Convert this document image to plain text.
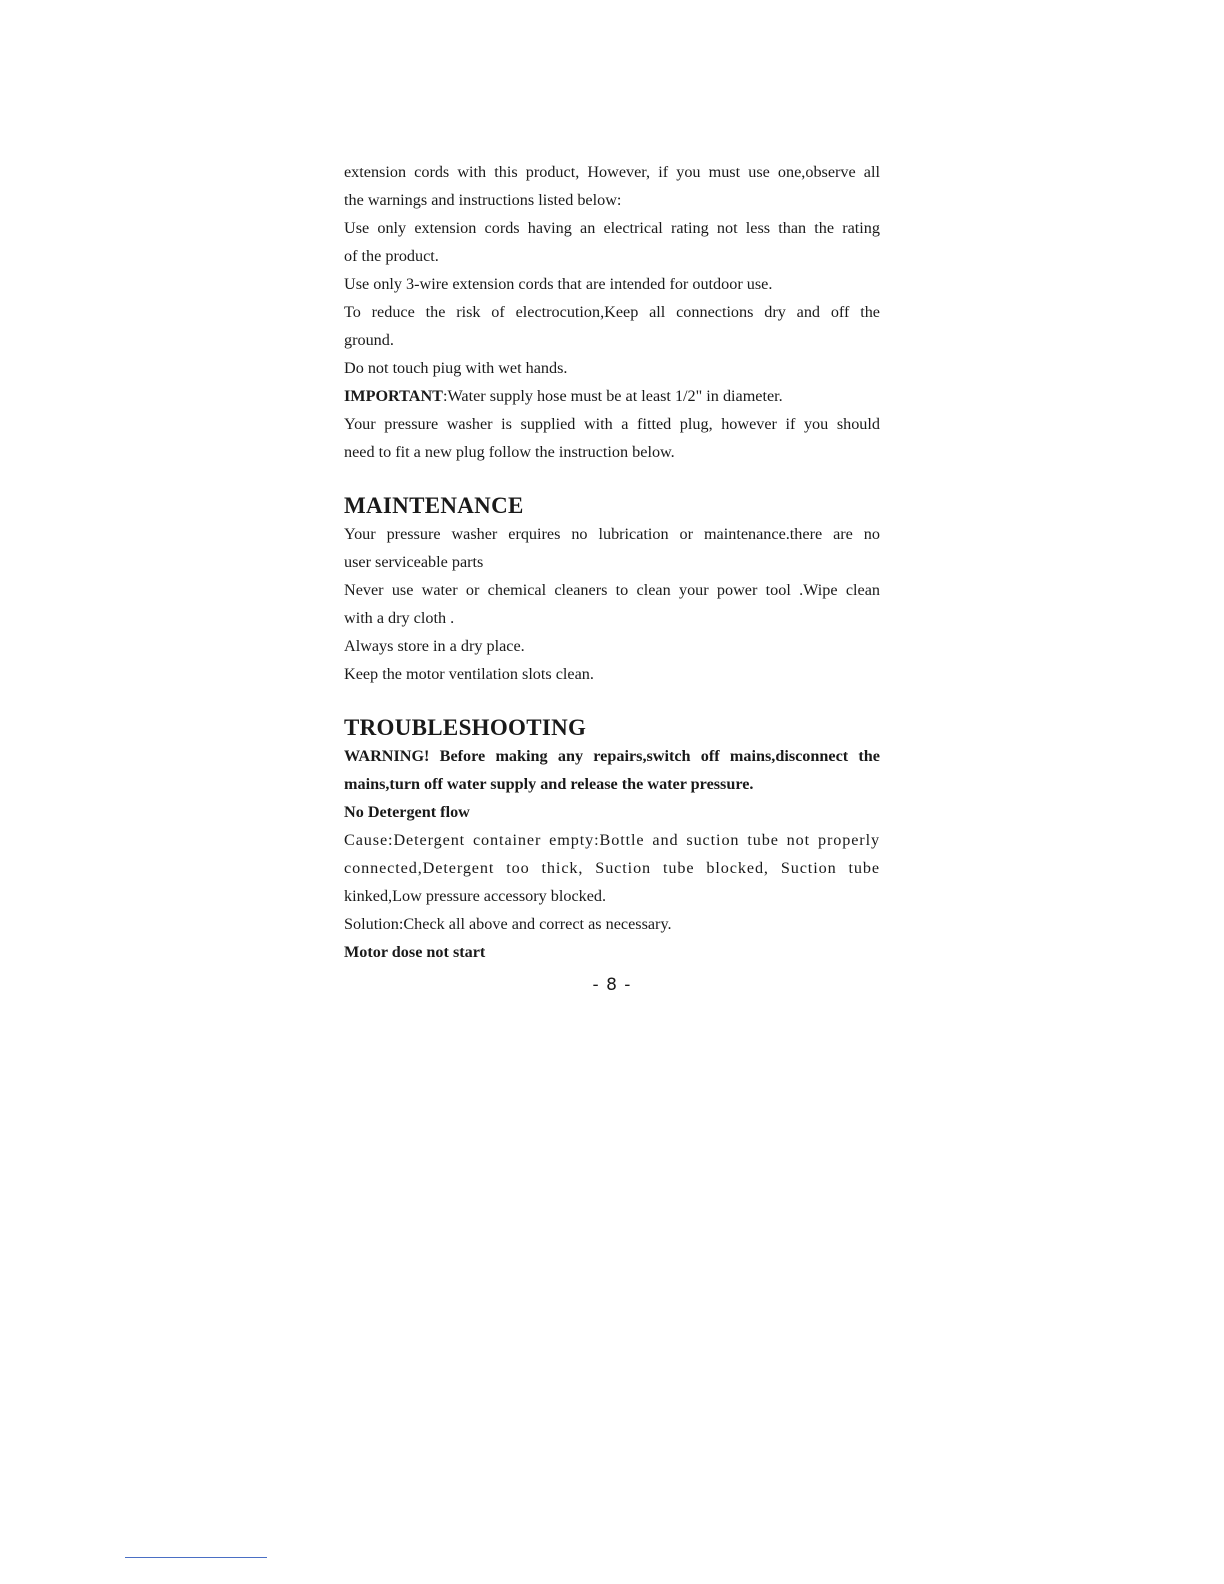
extension cords with this product, However, if you must use one,observe all

the warnings and instructions listed below:

Use only extension cords having an electrical rating not less than the rating

of the product.

Use only 3-wire extension cords that are intended for outdoor use.

To reduce the risk of electrocution,Keep all connections dry and off the

ground.

Do not touch piug with wet hands.

IMPORTANT:Water supply hose must be at least 1/2" in diameter.

Your pressure washer is supplied with a fitted plug, however if you should

need to fit a new plug follow the instruction below.

MAINTENANCE

Your pressure washer erquires no lubrication or maintenance.there are no

user serviceable parts

Never use water or chemical cleaners to clean your power tool .Wipe clean

with a dry cloth .

Always store in a dry place.

Keep the motor ventilation slots clean.

TROUBLESHOOTING

WARNING! Before making any repairs,switch off mains,disconnect the

mains,turn off water supply and release the water pressure.

No Detergent flow

Cause:Detergent container empty:Bottle and suction tube not properly

connected,Detergent too thick, Suction tube blocked, Suction tube

kinked,Low pressure accessory blocked.

Solution:Check all above and correct as necessary.

Motor dose not start

- 8 -
